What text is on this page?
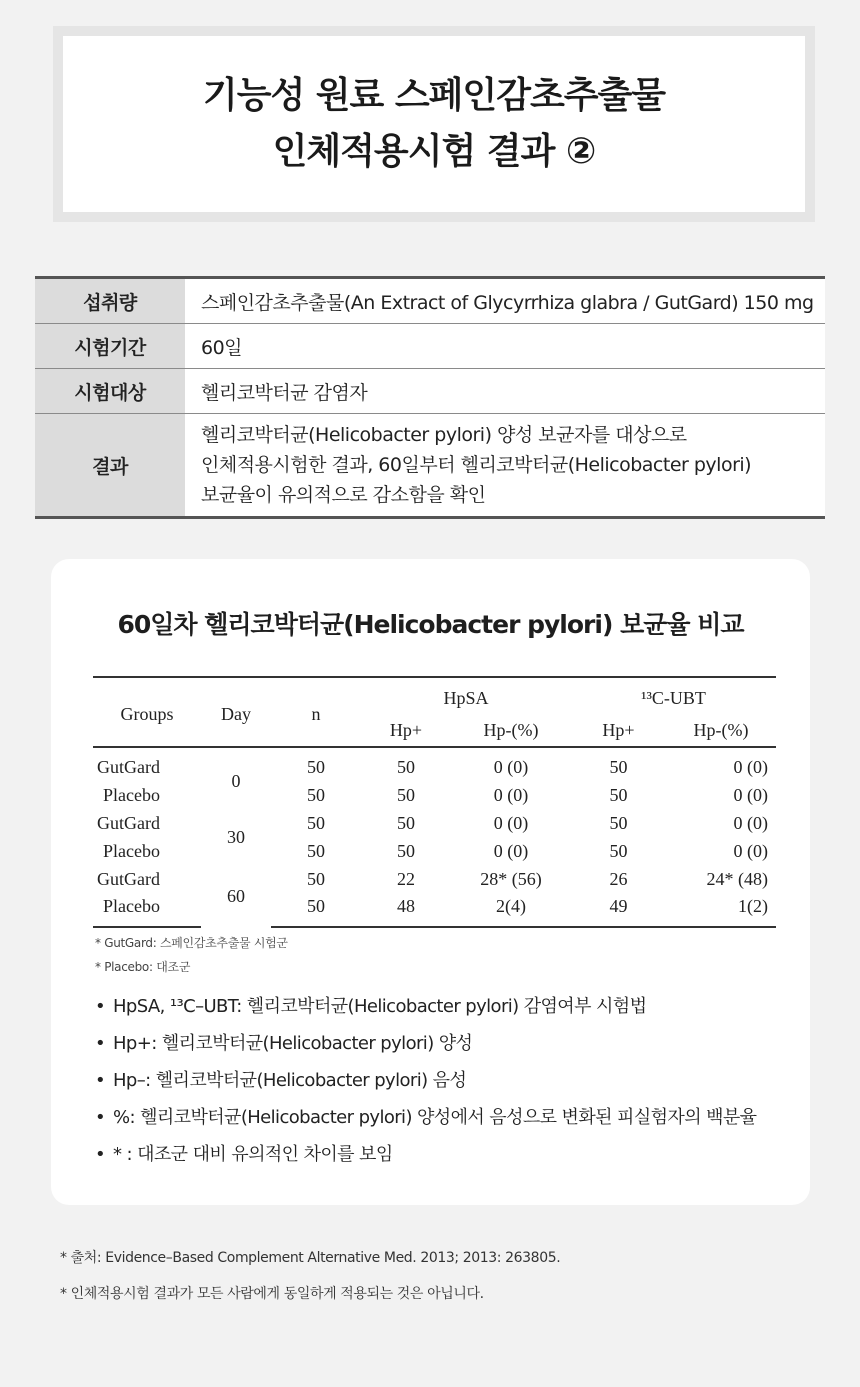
기능성 원료 스페인감초추출물
인체적용시험 결과 ②
섭취량	스페인감초추출물(An Extract of Glycyrrhiza glabra / GutGard) 150 mg
시험기간	60일
시험대상	헬리코박터균 감염자
결과	헬리코박터균(Helicobacter pylori) 양성 보균자를 대상으로
인체적용시험한 결과, 60일부터 헬리코박터균(Helicobacter pylori)
보균율이 유의적으로 감소함을 확인
60일차 헬리코박터균(Helicobacter pylori) 보균율 비교
Groups	Day	n	HpSA		¹³C-UBT	
			Hp+	Hp-(%)	Hp+	Hp-(%)
GutGard	0	50	50	0 (0)	50	0 (0)
Placebo		50	50	0 (0)	50	0 (0)
GutGard	30	50	50	0 (0)	50	0 (0)
Placebo		50	50	0 (0)	50	0 (0)
GutGard	60	50	22	28* (56)	26	24* (48)
Placebo		50	48	2(4)	49	1(2)
* GutGard: 스페인감초추출물 시험군
* Placebo: 대조군
• HpSA, ¹³C–UBT: 헬리코박터균(Helicobacter pylori) 감염여부 시험법
• Hp+: 헬리코박터균(Helicobacter pylori) 양성
• Hp–: 헬리코박터균(Helicobacter pylori) 음성
• %: 헬리코박터균(Helicobacter pylori) 양성에서 음성으로 변화된 피실험자의 백분율
• * : 대조군 대비 유의적인 차이를 보임
* 출처: Evidence–Based Complement Alternative Med. 2013; 2013: 263805.
* 인체적용시험 결과가 모든 사람에게 동일하게 적용되는 것은 아닙니다.
